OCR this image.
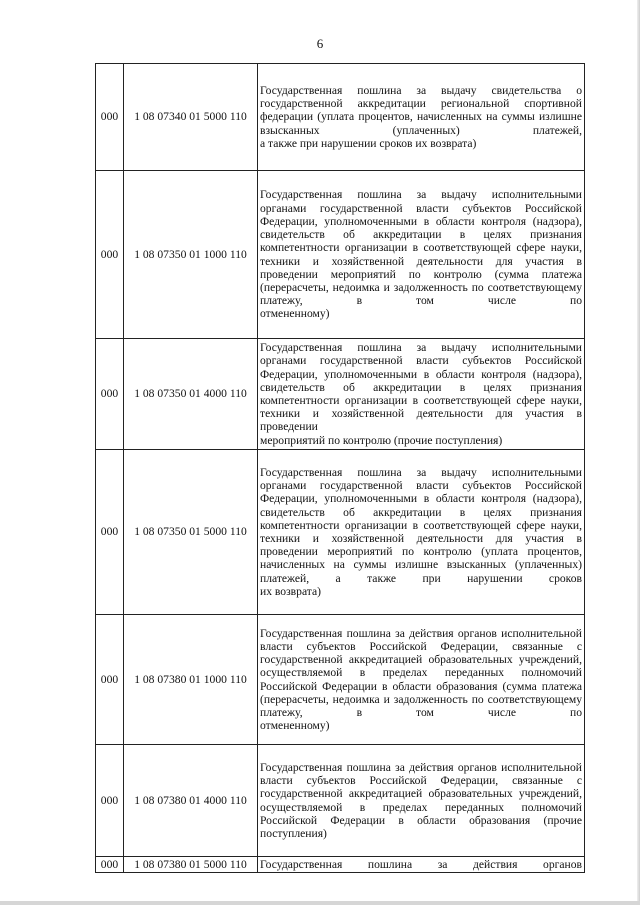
6
000	1 08 07340 01 5000 110	Государственная пошлина за выдачу свидетельства о государственной аккредитации региональной спортивной федерации (уплата процентов, начисленных на суммы излишне взысканных (уплаченных) платежей,
а также при нарушении сроков их возврата)

000	1 08 07350 01 1000 110	Государственная пошлина за выдачу исполнительными органами государственной власти субъектов Российской Федерации, уполномоченными в области контроля (надзора), свидетельств об аккредитации в целях признания компетентности организации в соответствующей сфере науки, техники и хозяйственной деятельности для участия в проведении мероприятий по контролю (сумма платежа (перерасчеты, недоимка и задолженность по соответствующему платежу, в том числе по
отмененному)

000	1 08 07350 01 4000 110	Государственная пошлина за выдачу исполнительными органами государственной власти субъектов Российской Федерации, уполномоченными в области контроля (надзора), свидетельств об аккредитации в целях признания компетентности организации в соответствующей сфере науки, техники и хозяйственной деятельности для участия в проведении
мероприятий по контролю (прочие поступления)

000	1 08 07350 01 5000 110	Государственная пошлина за выдачу исполнительными органами государственной власти субъектов Российской Федерации, уполномоченными в области контроля (надзора), свидетельств об аккредитации в целях признания компетентности организации в соответствующей сфере науки, техники и хозяйственной деятельности для участия в проведении мероприятий по контролю (уплата процентов, начисленных на суммы излишне взысканных (уплаченных) платежей, а также при нарушении сроков
их возврата)

000	1 08 07380 01 1000 110	Государственная пошлина за действия органов исполнительной власти субъектов Российской Федерации, связанные с государственной аккредитацией образовательных учреждений, осуществляемой в пределах переданных полномочий Российской Федерации в области образования (сумма платежа (перерасчеты, недоимка и задолженность по соответствующему платежу, в том числе по
отмененному)

000	1 08 07380 01 4000 110	Государственная пошлина за действия органов исполнительной власти субъектов Российской Федерации, связанные с государственной аккредитацией образовательных учреждений, осуществляемой в пределах переданных полномочий Российской Федерации в области образования (прочие
поступления)

000	1 08 07380 01 5000 110	Государственная пошлина за действия органов
